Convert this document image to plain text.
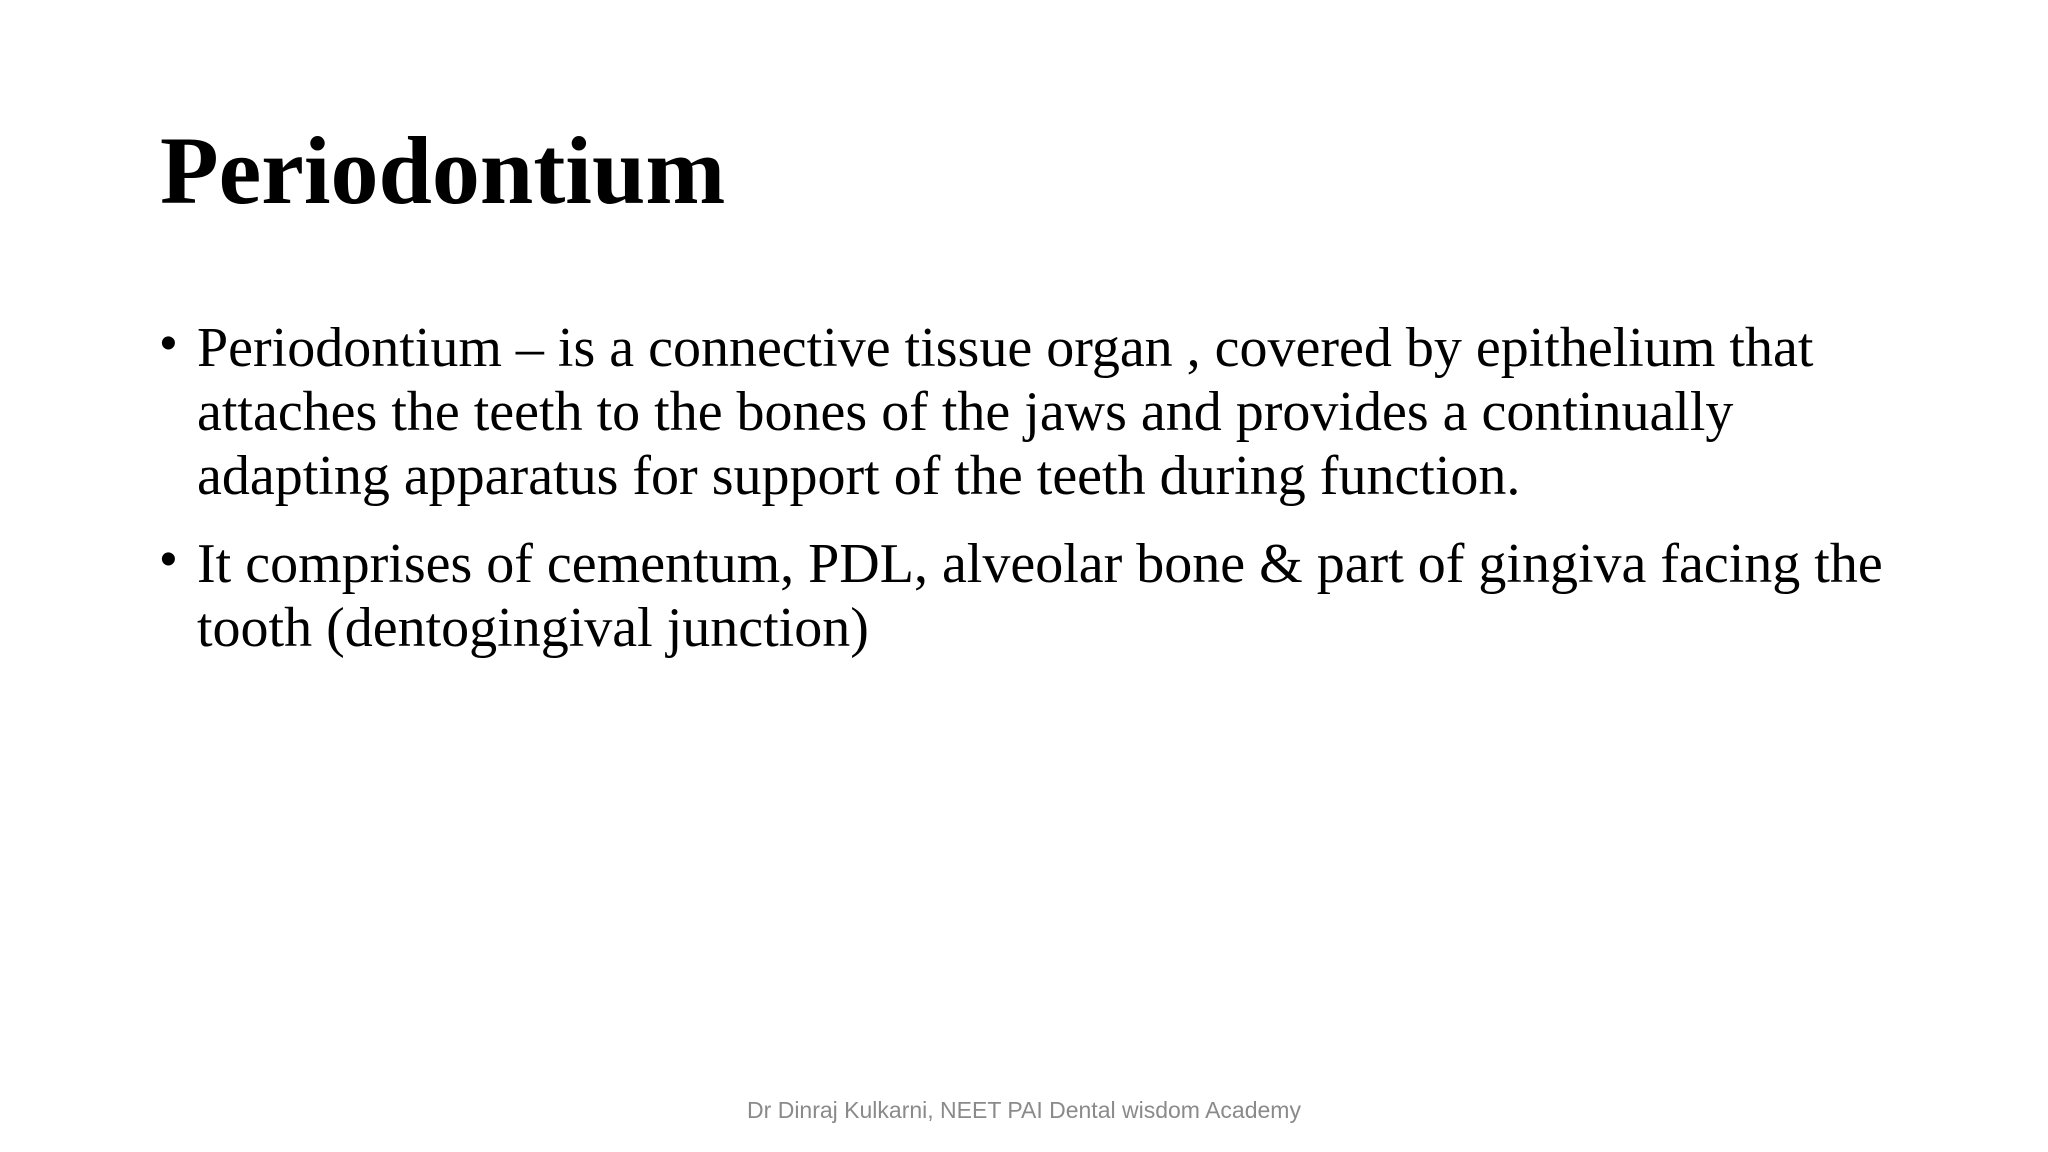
Periodontium
• Periodontium – is a connective tissue organ , covered by epithelium that attaches the teeth to the bones of the jaws and provides a continually adapting apparatus for support of the teeth during function.
• It comprises of cementum, PDL, alveolar bone & part of gingiva facing the tooth (dentogingival junction)
Dr Dinraj Kulkarni, NEET PAI Dental wisdom Academy
